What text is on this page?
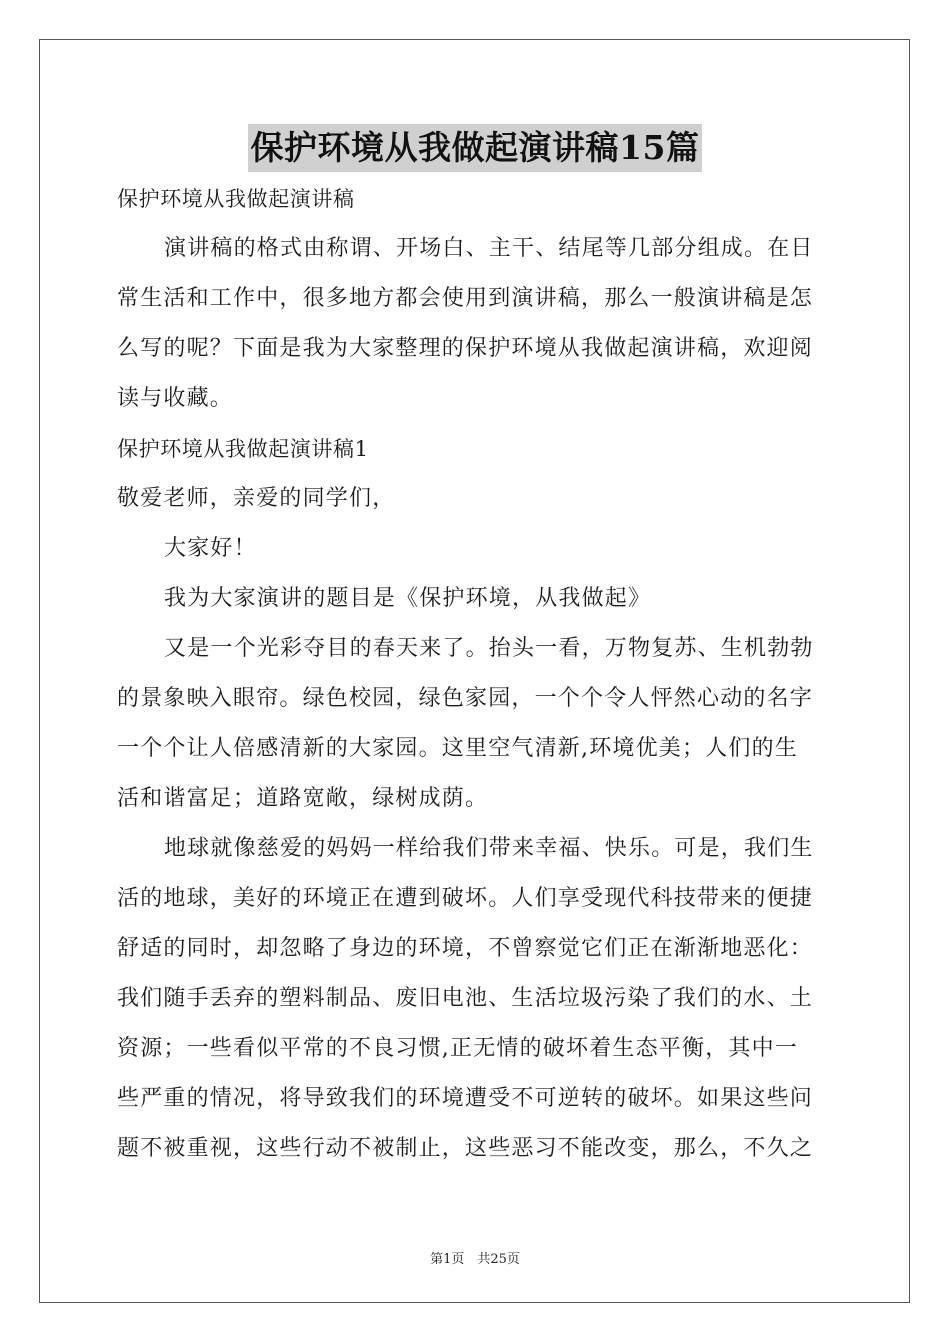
保护环境从我做起演讲稿15篇
保护环境从我做起演讲稿
演讲稿的格式由称谓、开场白、主干、结尾等几部分组成。在日
常生活和工作中，很多地方都会使用到演讲稿，那么一般演讲稿是怎
么写的呢？下面是我为大家整理的保护环境从我做起演讲稿，欢迎阅
读与收藏。
保护环境从我做起演讲稿1
敬爱老师，亲爱的同学们，
大家好！
我为大家演讲的题目是《保护环境，从我做起》
又是一个光彩夺目的春天来了。抬头一看，万物复苏、生机勃勃
的景象映入眼帘。绿色校园，绿色家园，一个个令人怦然心动的名字
一个个让人倍感清新的大家园。这里空气清新,环境优美；人们的生
活和谐富足；道路宽敞，绿树成荫。
地球就像慈爱的妈妈一样给我们带来幸福、快乐。可是，我们生
活的地球，美好的环境正在遭到破坏。人们享受现代科技带来的便捷
舒适的同时，却忽略了身边的环境，不曾察觉它们正在渐渐地恶化：
我们随手丢弃的塑料制品、废旧电池、生活垃圾污染了我们的水、土
资源；一些看似平常的不良习惯,正无情的破坏着生态平衡，其中一
些严重的情况，将导致我们的环境遭受不可逆转的破坏。如果这些问
题不被重视，这些行动不被制止，这些恶习不能改变，那么，不久之
第1页　共25页
